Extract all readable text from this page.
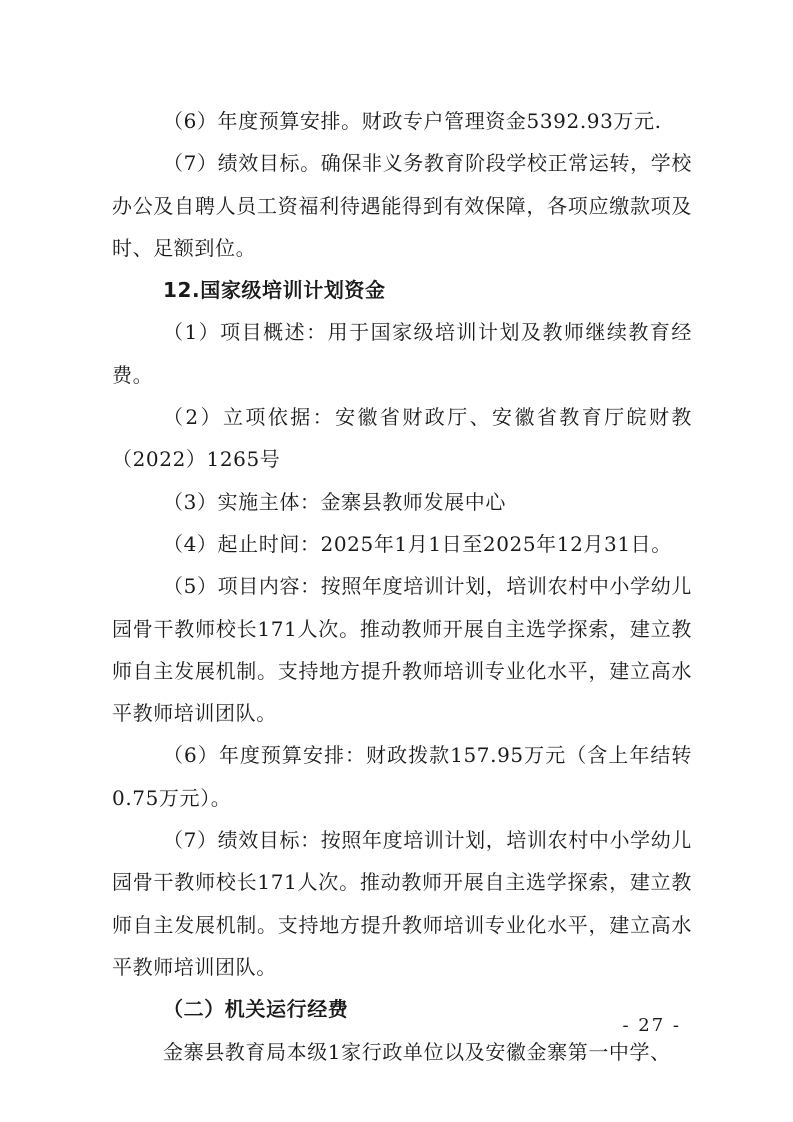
（6）年度预算安排。财政专户管理资金5392.93万元.

（7）绩效目标。确保非义务教育阶段学校正常运转，学校办公及自聘人员工资福利待遇能得到有效保障，各项应缴款项及时、足额到位。

12.国家级培训计划资金

（1）项目概述：用于国家级培训计划及教师继续教育经费。

（2）立项依据：安徽省财政厅、安徽省教育厅皖财教（2022）1265号

（3）实施主体：金寨县教师发展中心

（4）起止时间：2025年1月1日至2025年12月31日。

（5）项目内容：按照年度培训计划，培训农村中小学幼儿园骨干教师校长171人次。推动教师开展自主选学探索，建立教师自主发展机制。支持地方提升教师培训专业化水平，建立高水平教师培训团队。

（6）年度预算安排：财政拨款157.95万元（含上年结转0.75万元）。

（7）绩效目标：按照年度培训计划，培训农村中小学幼儿园骨干教师校长171人次。推动教师开展自主选学探索，建立教师自主发展机制。支持地方提升教师培训专业化水平，建立高水平教师培训团队。

（二）机关运行经费

金寨县教育局本级1家行政单位以及安徽金寨第一中学、

- 27 -
